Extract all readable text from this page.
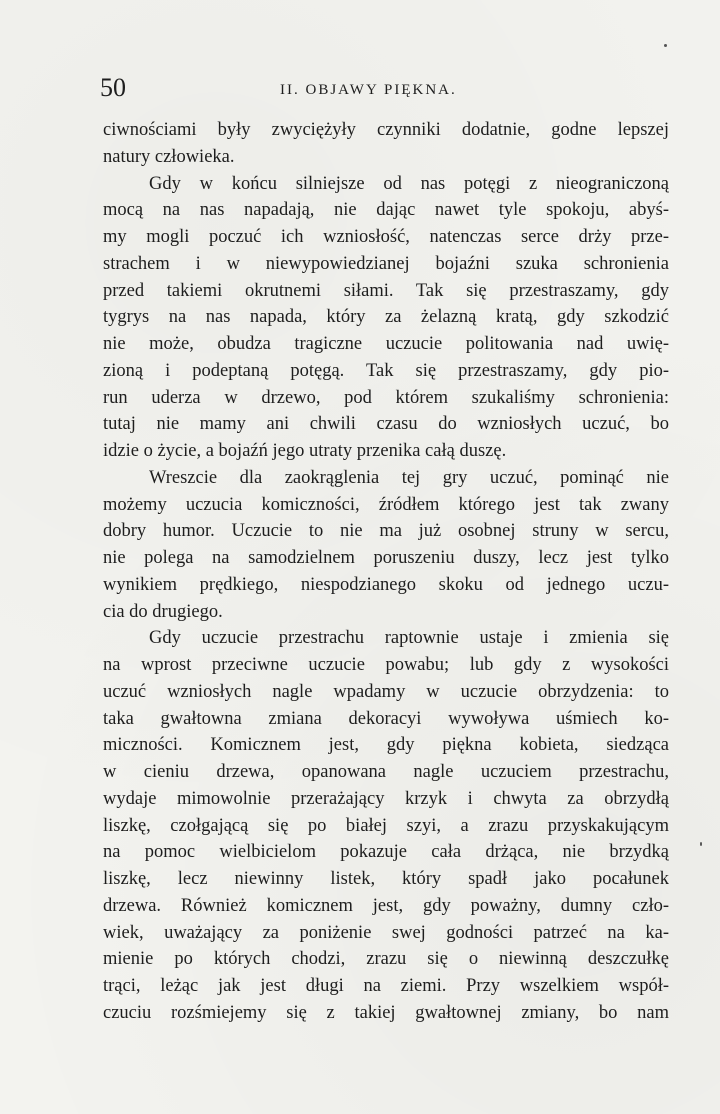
50	II. OBJAWY PIĘKNA.
ciwnościami były zwyciężyły czynniki dodatnie, godne lepszej
natury człowieka.
Gdy w końcu silniejsze od nas potęgi z nieograniczoną
mocą na nas napadają, nie dając nawet tyle spokoju, abyś-
my mogli poczuć ich wzniosłość, natenczas serce drży prze-
strachem i w niewypowiedzianej bojaźni szuka schronienia
przed takiemi okrutnemi siłami. Tak się przestraszamy, gdy
tygrys na nas napada, który za żelazną kratą, gdy szkodzić
nie może, obudza tragiczne uczucie politowania nad uwię-
zioną i podeptaną potęgą. Tak się przestraszamy, gdy pio-
run uderza w drzewo, pod którem szukaliśmy schronienia:
tutaj nie mamy ani chwili czasu do wzniosłych uczuć, bo
idzie o życie, a bojaźń jego utraty przenika całą duszę.
Wreszcie dla zaokrąglenia tej gry uczuć, pominąć nie
możemy uczucia komiczności, źródłem którego jest tak zwany
dobry humor. Uczucie to nie ma już osobnej struny w sercu,
nie polega na samodzielnem poruszeniu duszy, lecz jest tylko
wynikiem prędkiego, niespodzianego skoku od jednego uczu-
cia do drugiego.
Gdy uczucie przestrachu raptownie ustaje i zmienia się
na wprost przeciwne uczucie powabu; lub gdy z wysokości
uczuć wzniosłych nagle wpadamy w uczucie obrzydzenia: to
taka gwałtowna zmiana dekoracyi wywoływa uśmiech ko-
miczności. Komicznem jest, gdy piękna kobieta, siedząca
w cieniu drzewa, opanowana nagle uczuciem przestrachu,
wydaje mimowolnie przerażający krzyk i chwyta za obrzydłą
liszkę, czołgającą się po białej szyi, a zrazu przyskakującym
na pomoc wielbicielom pokazuje cała drżąca, nie brzydką
liszkę, lecz niewinny listek, który spadł jako pocałunek
drzewa. Również komicznem jest, gdy poważny, dumny czło-
wiek, uważający za poniżenie swej godności patrzeć na ka-
mienie po których chodzi, zrazu się o niewinną deszczułkę
trąci, leżąc jak jest długi na ziemi. Przy wszelkiem współ-
czuciu rozśmiejemy się z takiej gwałtownej zmiany, bo nam
